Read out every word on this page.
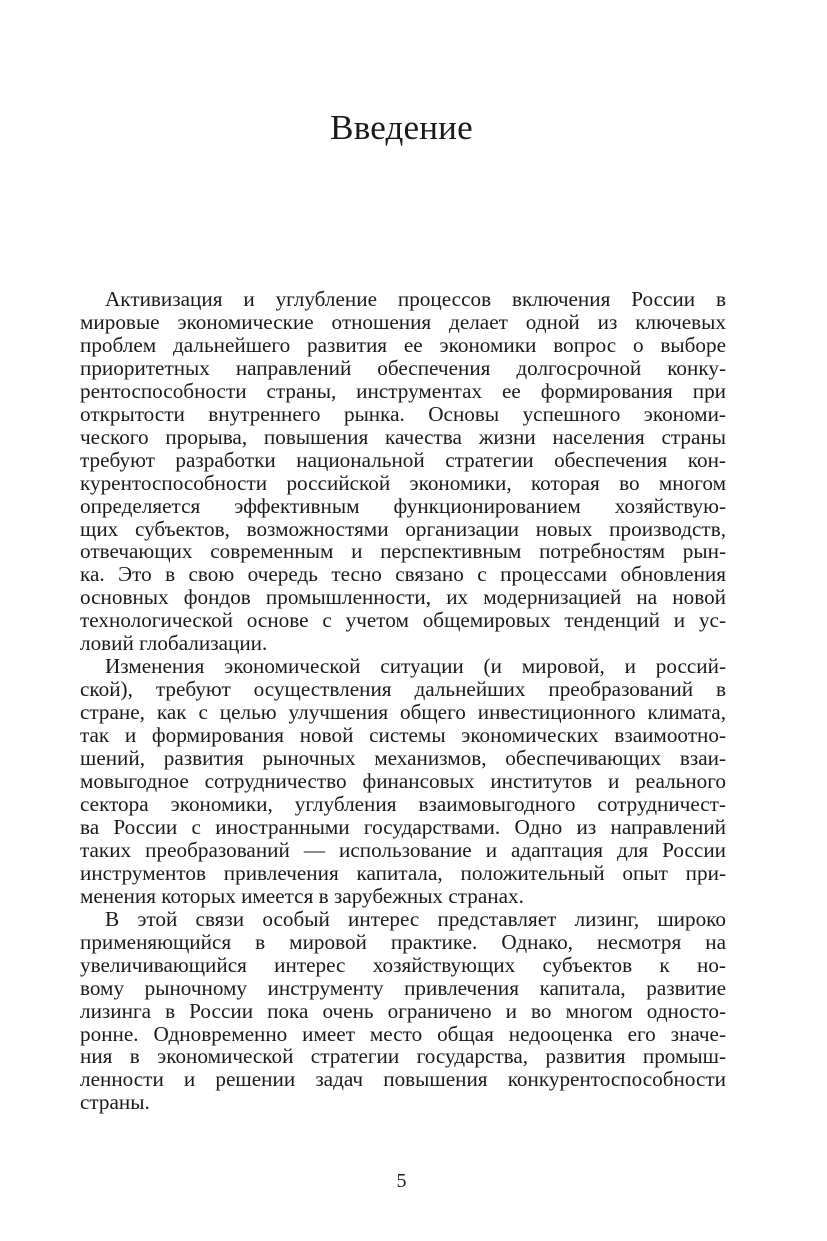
Введение
Активизация и углубление процессов включения России в
мировые экономические отношения делает одной из ключевых
проблем дальнейшего развития ее экономики вопрос о выборе
приоритетных направлений обеспечения долгосрочной конку-
рентоспособности страны, инструментах ее формирования при
открытости внутреннего рынка. Основы успешного экономи-
ческого прорыва, повышения качества жизни населения страны
требуют разработки национальной стратегии обеспечения кон-
курентоспособности российской экономики, которая во многом
определяется эффективным функционированием хозяйствую-
щих субъектов, возможностями организации новых производств,
отвечающих современным и перспективным потребностям рын-
ка. Это в свою очередь тесно связано с процессами обновления
основных фондов промышленности, их модернизацией на новой
технологической основе с учетом общемировых тенденций и ус-
ловий глобализации.
Изменения экономической ситуации (и мировой, и россий-
ской), требуют осуществления дальнейших преобразований в
стране, как с целью улучшения общего инвестиционного климата,
так и формирования новой системы экономических взаимоотно-
шений, развития рыночных механизмов, обеспечивающих взаи-
мовыгодное сотрудничество финансовых институтов и реального
сектора экономики, углубления взаимовыгодного сотрудничест-
ва России с иностранными государствами. Одно из направлений
таких преобразований — использование и адаптация для России
инструментов привлечения капитала, положительный опыт при-
менения которых имеется в зарубежных странах.
В этой связи особый интерес представляет лизинг, широко
применяющийся в мировой практике. Однако, несмотря на
увеличивающийся интерес хозяйствующих субъектов к но-
вому рыночному инструменту привлечения капитала, развитие
лизинга в России пока очень ограничено и во многом односто-
ронне. Одновременно имеет место общая недооценка его значе-
ния в экономической стратегии государства, развития промыш-
ленности и решении задач повышения конкурентоспособности
страны.
5
